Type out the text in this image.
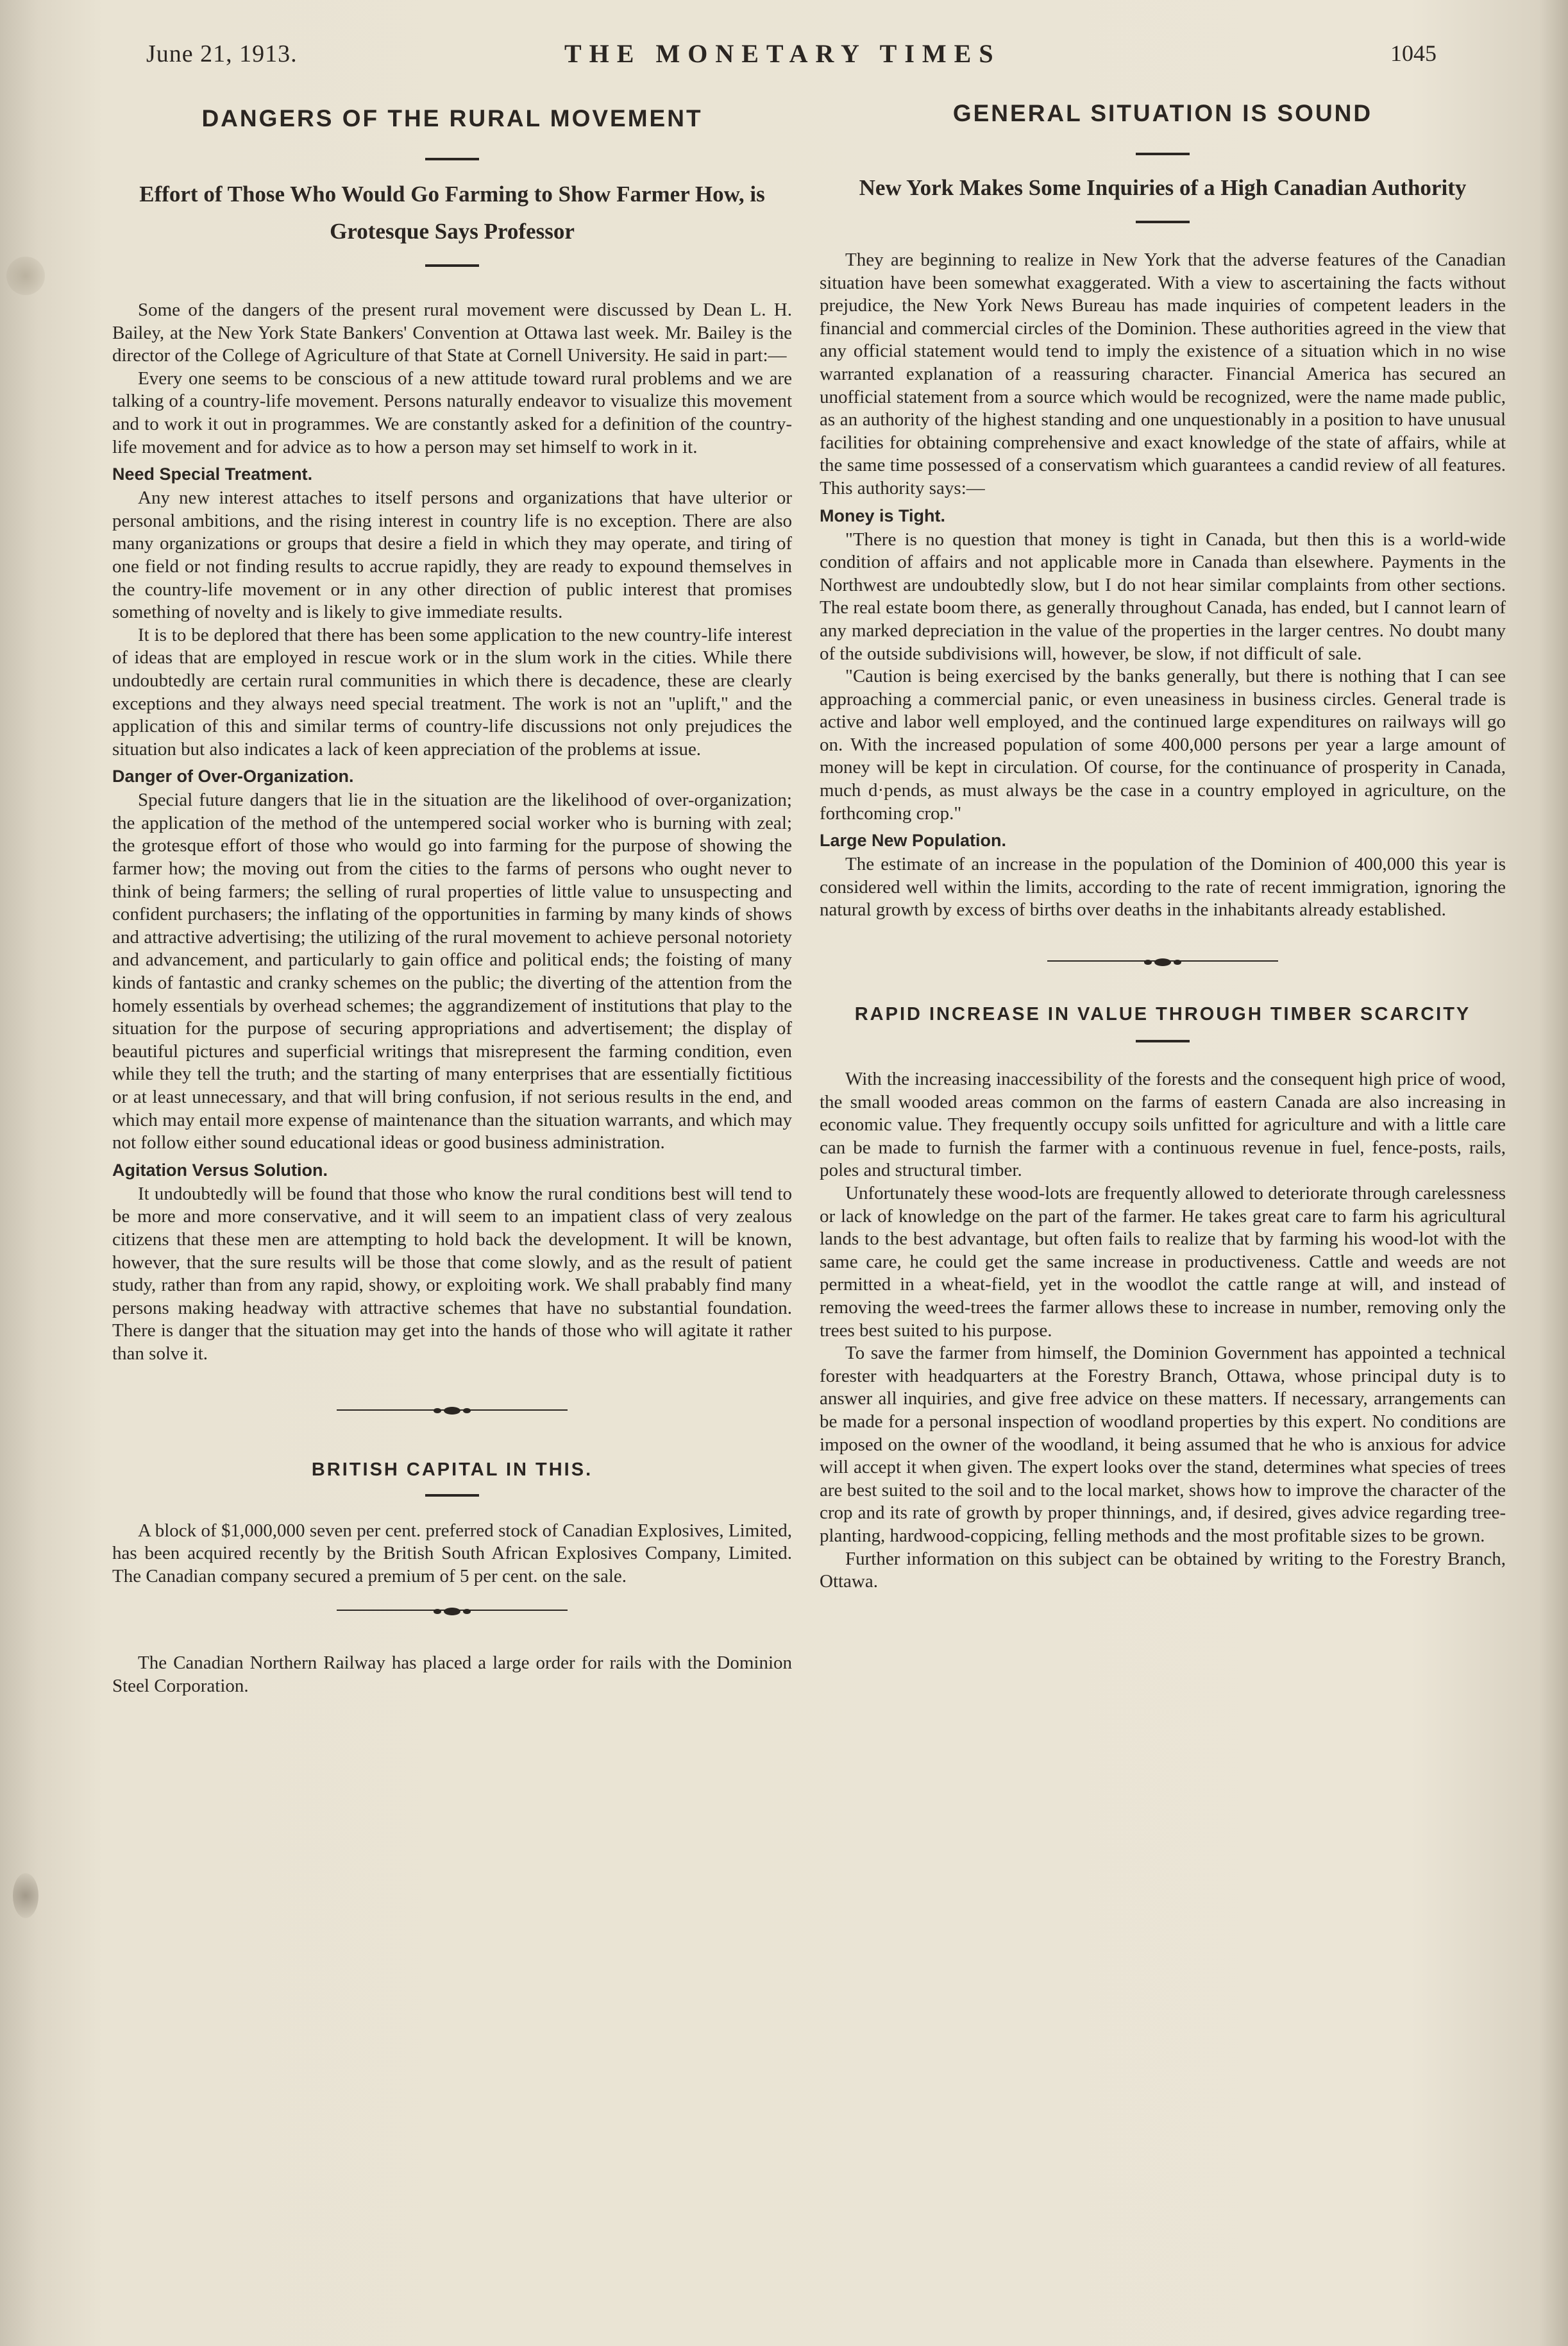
June 21, 1913.	THE MONETARY TIMES	1045
DANGERS OF THE RURAL MOVEMENT
Effort of Those Who Would Go Farming to Show Farmer How, is Grotesque Says Professor

Some of the dangers of the present rural movement were discussed by Dean L. H. Bailey, at the New York State Bankers' Convention at Ottawa last week. Mr. Bailey is the director of the College of Agriculture of that State at Cornell University. He said in part:—

Every one seems to be conscious of a new attitude toward rural problems and we are talking of a country-life movement. Persons naturally endeavor to visualize this movement and to work it out in programmes. We are constantly asked for a definition of the country-life movement and for advice as to how a person may set himself to work in it.

Need Special Treatment.

Any new interest attaches to itself persons and organizations that have ulterior or personal ambitions, and the rising interest in country life is no exception. There are also many organizations or groups that desire a field in which they may operate, and tiring of one field or not finding results to accrue rapidly, they are ready to expound themselves in the country-life movement or in any other direction of public interest that promises something of novelty and is likely to give immediate results.

It is to be deplored that there has been some application to the new country-life interest of ideas that are employed in rescue work or in the slum work in the cities. While there undoubtedly are certain rural communities in which there is decadence, these are clearly exceptions and they always need special treatment. The work is not an "uplift," and the application of this and similar terms of country-life discussions not only prejudices the situation but also indicates a lack of keen appreciation of the problems at issue.

Danger of Over-Organization.

Special future dangers that lie in the situation are the likelihood of over-organization; the application of the method of the untempered social worker who is burning with zeal; the grotesque effort of those who would go into farming for the purpose of showing the farmer how; the moving out from the cities to the farms of persons who ought never to think of being farmers; the selling of rural properties of little value to unsuspecting and confident purchasers; the inflating of the opportunities in farming by many kinds of shows and attractive advertising; the utilizing of the rural movement to achieve personal notoriety and advancement, and particularly to gain office and political ends; the foisting of many kinds of fantastic and cranky schemes on the public; the diverting of the attention from the homely essentials by overhead schemes; the aggrandizement of institutions that play to the situation for the purpose of securing appropriations and advertisement; the display of beautiful pictures and superficial writings that misrepresent the farming condition, even while they tell the truth; and the starting of many enterprises that are essentially fictitious or at least unnecessary, and that will bring confusion, if not serious results in the end, and which may entail more expense of maintenance than the situation warrants, and which may not follow either sound educational ideas or good business administration.

Agitation Versus Solution.

It undoubtedly will be found that those who know the rural conditions best will tend to be more and more conservative, and it will seem to an impatient class of very zealous citizens that these men are attempting to hold back the development. It will be known, however, that the sure results will be those that come slowly, and as the result of patient study, rather than from any rapid, showy, or exploiting work. We shall prabably find many persons making headway with attractive schemes that have no substantial foundation. There is danger that the situation may get into the hands of those who will agitate it rather than solve it.

BRITISH CAPITAL IN THIS.

A block of $1,000,000 seven per cent. preferred stock of Canadian Explosives, Limited, has been acquired recently by the British South African Explosives Company, Limited. The Canadian company secured a premium of 5 per cent. on the sale.

The Canadian Northern Railway has placed a large order for rails with the Dominion Steel Corporation.

GENERAL SITUATION IS SOUND
New York Makes Some Inquiries of a High Canadian Authority

They are beginning to realize in New York that the adverse features of the Canadian situation have been somewhat exaggerated. With a view to ascertaining the facts without prejudice, the New York News Bureau has made inquiries of competent leaders in the financial and commercial circles of the Dominion. These authorities agreed in the view that any official statement would tend to imply the existence of a situation which in no wise warranted explanation of a reassuring character. Financial America has secured an unofficial statement from a source which would be recognized, were the name made public, as an authority of the highest standing and one unquestionably in a position to have unusual facilities for obtaining comprehensive and exact knowledge of the state of affairs, while at the same time possessed of a conservatism which guarantees a candid review of all features. This authority says:—

Money is Tight.

"There is no question that money is tight in Canada, but then this is a world-wide condition of affairs and not applicable more in Canada than elsewhere. Payments in the Northwest are undoubtedly slow, but I do not hear similar complaints from other sections. The real estate boom there, as generally throughout Canada, has ended, but I cannot learn of any marked depreciation in the value of the properties in the larger centres. No doubt many of the outside subdivisions will, however, be slow, if not difficult of sale.

"Caution is being exercised by the banks generally, but there is nothing that I can see approaching a commercial panic, or even uneasiness in business circles. General trade is active and labor well employed, and the continued large expenditures on railways will go on. With the increased population of some 400,000 persons per year a large amount of money will be kept in circulation. Of course, for the continuance of prosperity in Canada, much d·pends, as must always be the case in a country employed in agriculture, on the forthcoming crop."

Large New Population.

The estimate of an increase in the population of the Dominion of 400,000 this year is considered well within the limits, according to the rate of recent immigration, ignoring the natural growth by excess of births over deaths in the inhabitants already established.

RAPID INCREASE IN VALUE THROUGH TIMBER SCARCITY

With the increasing inaccessibility of the forests and the consequent high price of wood, the small wooded areas common on the farms of eastern Canada are also increasing in economic value. They frequently occupy soils unfitted for agriculture and with a little care can be made to furnish the farmer with a continuous revenue in fuel, fence-posts, rails, poles and structural timber.

Unfortunately these wood-lots are frequently allowed to deteriorate through carelessness or lack of knowledge on the part of the farmer. He takes great care to farm his agricultural lands to the best advantage, but often fails to realize that by farming his wood-lot with the same care, he could get the same increase in productiveness. Cattle and weeds are not permitted in a wheat-field, yet in the woodlot the cattle range at will, and instead of removing the weed-trees the farmer allows these to increase in number, removing only the trees best suited to his purpose.

To save the farmer from himself, the Dominion Government has appointed a technical forester with headquarters at the Forestry Branch, Ottawa, whose principal duty is to answer all inquiries, and give free advice on these matters. If necessary, arrangements can be made for a personal inspection of woodland properties by this expert. No conditions are imposed on the owner of the woodland, it being assumed that he who is anxious for advice will accept it when given. The expert looks over the stand, determines what species of trees are best suited to the soil and to the local market, shows how to improve the character of the crop and its rate of growth by proper thinnings, and, if desired, gives advice regarding tree-planting, hardwood-coppicing, felling methods and the most profitable sizes to be grown.

Further information on this subject can be obtained by writing to the Forestry Branch, Ottawa.
